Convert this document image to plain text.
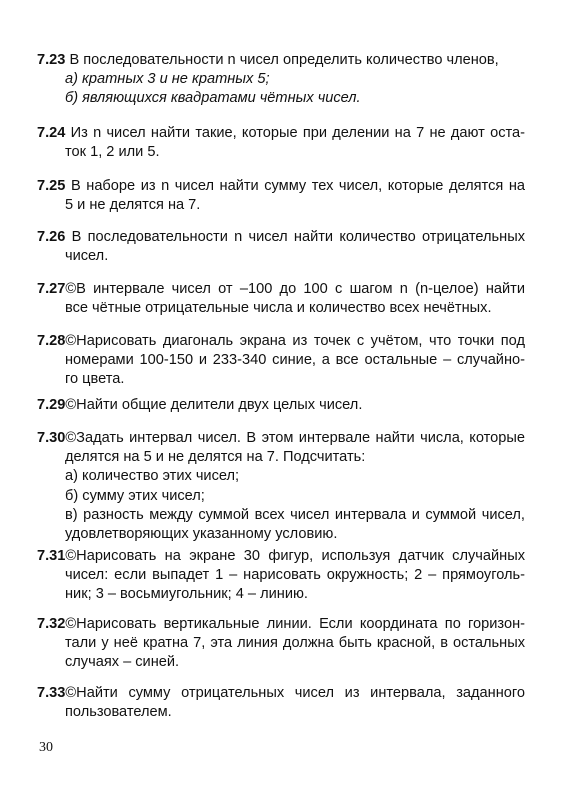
7.23 В последовательности n чисел определить количество членов,
а) кратных 3 и не кратных 5;
б) являющихся квадратами чётных чисел.
7.24 Из n чисел найти такие, которые при делении на 7 не дают оста-
ток 1, 2 или 5.
7.25 В наборе из n чисел найти сумму тех чисел, которые делятся на
5 и не делятся на 7.
7.26 В последовательности n чисел найти количество отрицательных
чисел.
7.27©В интервале чисел от –100 до 100 с шагом n (n-целое) найти
все чётные отрицательные числа и количество всех нечётных.
7.28©Нарисовать диагональ экрана из точек с учётом, что точки под
номерами 100-150 и 233-340 синие, а все остальные – случайно-
го цвета.
7.29©Найти общие делители двух целых чисел.
7.30©Задать интервал чисел. В этом интервале найти числа, которые
делятся на 5 и не делятся на 7. Подсчитать:
а) количество этих чисел;
б) сумму этих чисел;
в) разность между суммой всех чисел интервала и суммой чисел,
удовлетворяющих указанному условию.
7.31©Нарисовать на экране 30 фигур, используя датчик случайных
чисел: если выпадет 1 – нарисовать окружность; 2 – прямоуголь-
ник; 3 – восьмиугольник; 4 – линию.
7.32©Нарисовать вертикальные линии. Если координата по горизон-
тали у неё кратна 7, эта линия должна быть красной, в остальных
случаях – синей.
7.33©Найти сумму отрицательных чисел из интервала, заданного
пользователем.
30
